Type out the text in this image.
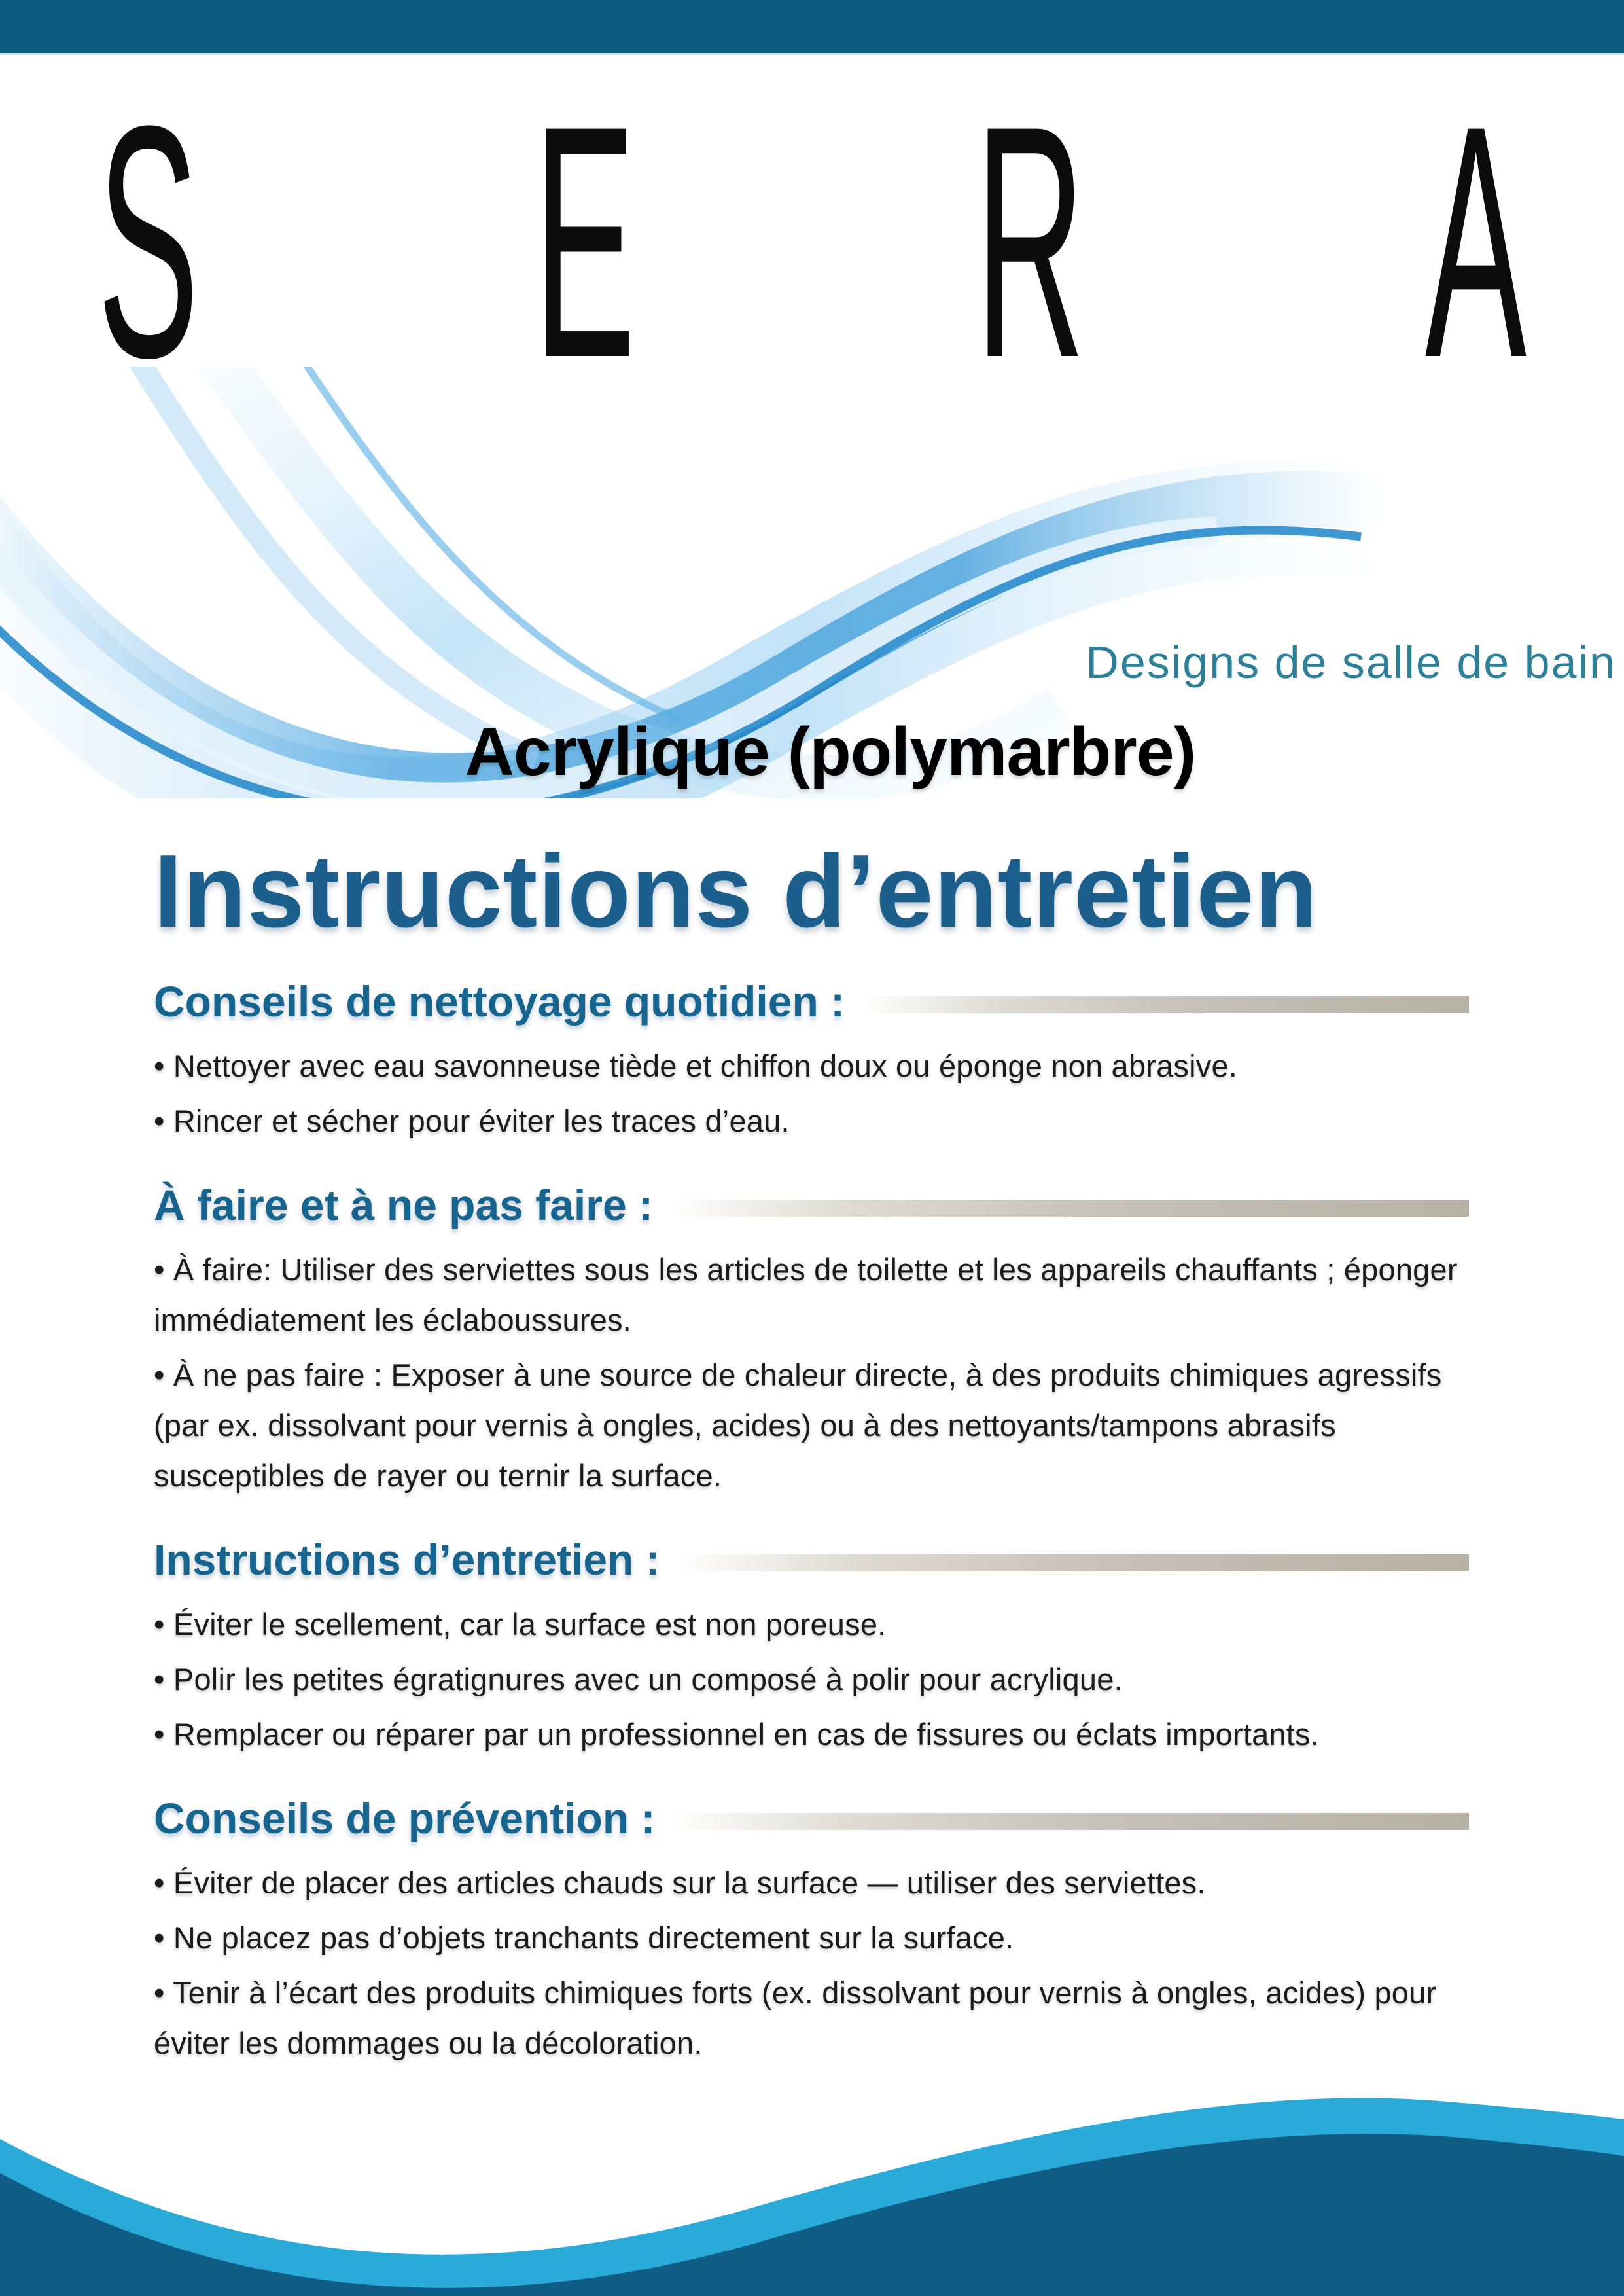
S E R A
Designs de salle de bain
Acrylique (polymarbre)
Instructions d’entretien
Conseils de nettoyage quotidien :

• Nettoyer avec eau savonneuse tiède et chiffon doux ou éponge non abrasive.

• Rincer et sécher pour éviter les traces d’eau.

À faire et à ne pas faire :

• À faire: Utiliser des serviettes sous les articles de toilette et les appareils chauffants ; éponger immédiatement les éclaboussures.

• À ne pas faire : Exposer à une source de chaleur directe, à des produits chimiques agressifs (par ex. dissolvant pour vernis à ongles, acides) ou à des nettoyants/tampons abrasifs susceptibles de rayer ou ternir la surface.

Instructions d’entretien :

• Éviter le scellement, car la surface est non poreuse.

• Polir les petites égratignures avec un composé à polir pour acrylique.

• Remplacer ou réparer par un professionnel en cas de fissures ou éclats importants.

Conseils de prévention :

• Éviter de placer des articles chauds sur la surface — utiliser des serviettes.

• Ne placez pas d’objets tranchants directement sur la surface.

• Tenir à l’écart des produits chimiques forts (ex. dissolvant pour vernis à ongles, acides) pour éviter les dommages ou la décoloration.
